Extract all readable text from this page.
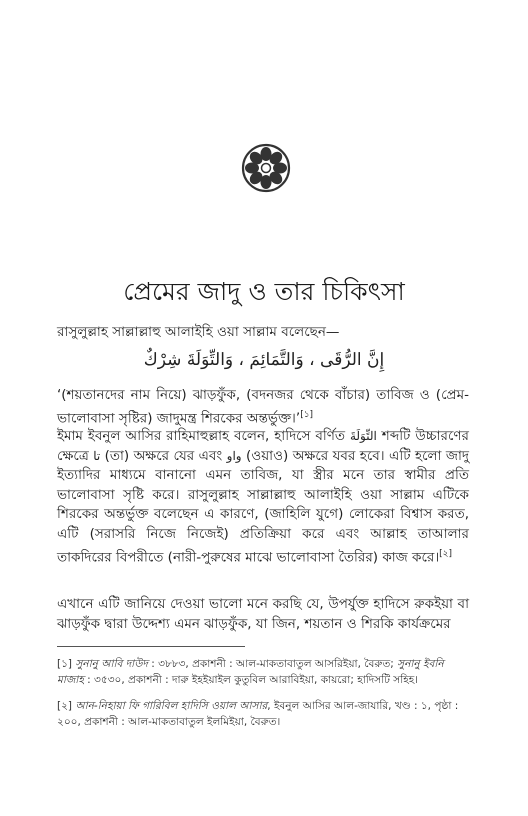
প্রেমের জাদু ও তার চিকিৎসা
রাসুলুল্লাহ সাল্লাল্লাহু আলাইহি ওয়া সাল্লাম বলেছেন—
إِنَّ الرُّقَى ، وَالتَّمَائِمَ ، وَالتِّوَلَةَ شِرْكٌ
‘(শয়তানদের নাম নিয়ে) ঝাড়ফুঁক, (বদনজর থেকে বাঁচার) তাবিজ ও (প্রেম-ভালোবাসা সৃষ্টির) জাদুমন্ত্র শিরকের অন্তর্ভুক্ত।’[১]
ইমাম ইবনুল আসির রাহিমাহুল্লাহ বলেন, হাদিসে বর্ণিত التِّوَلَةَ শব্দটি উচ্চারণের ক্ষেত্রে تا (তা) অক্ষরে যের এবং واو (ওয়াও) অক্ষরে যবর হবে। এটি হলো জাদু ইত্যাদির মাধ্যমে বানানো এমন তাবিজ, যা স্ত্রীর মনে তার স্বামীর প্রতি ভালোবাসা সৃষ্টি করে। রাসুলুল্লাহ সাল্লাল্লাহু আলাইহি ওয়া সাল্লাম এটিকে শিরকের অন্তর্ভুক্ত বলেছেন এ কারণে, (জাহিলি যুগে) লোকেরা বিশ্বাস করত, এটি (সরাসরি নিজে নিজেই) প্রতিক্রিয়া করে এবং আল্লাহ তাআলার তাকদিরের বিপরীতে (নারী-পুরুষের মাঝে ভালোবাসা তৈরির) কাজ করে।[২]
এখানে এটি জানিয়ে দেওয়া ভালো মনে করছি যে, উপর্যুক্ত হাদিসে রুকইয়া বা ঝাড়ফুঁক দ্বারা উদ্দেশ্য এমন ঝাড়ফুঁক, যা জিন, শয়তান ও শিরকি কার্যক্রমের
[১] সুনানু আবি দাউদ : ৩৮৮৩, প্রকাশনী : আল-মাকতাবাতুল আসরিইয়া, বৈরুত; সুনানু ইবনি মাজাহ : ৩৫৩০, প্রকাশনী : দারু ইহইয়াইল কুতুবিল আরাবিইয়া, কায়রো; হাদিসটি সহিহ।
[২] আন-নিহায়া ফি গারিবিল হাদিসি ওয়াল আসার, ইবনুল আসির আল-জাযারি, খণ্ড : ১, পৃষ্ঠা : ২০০, প্রকাশনী : আল-মাকতাবাতুল ইলমিইয়া, বৈরুত।
